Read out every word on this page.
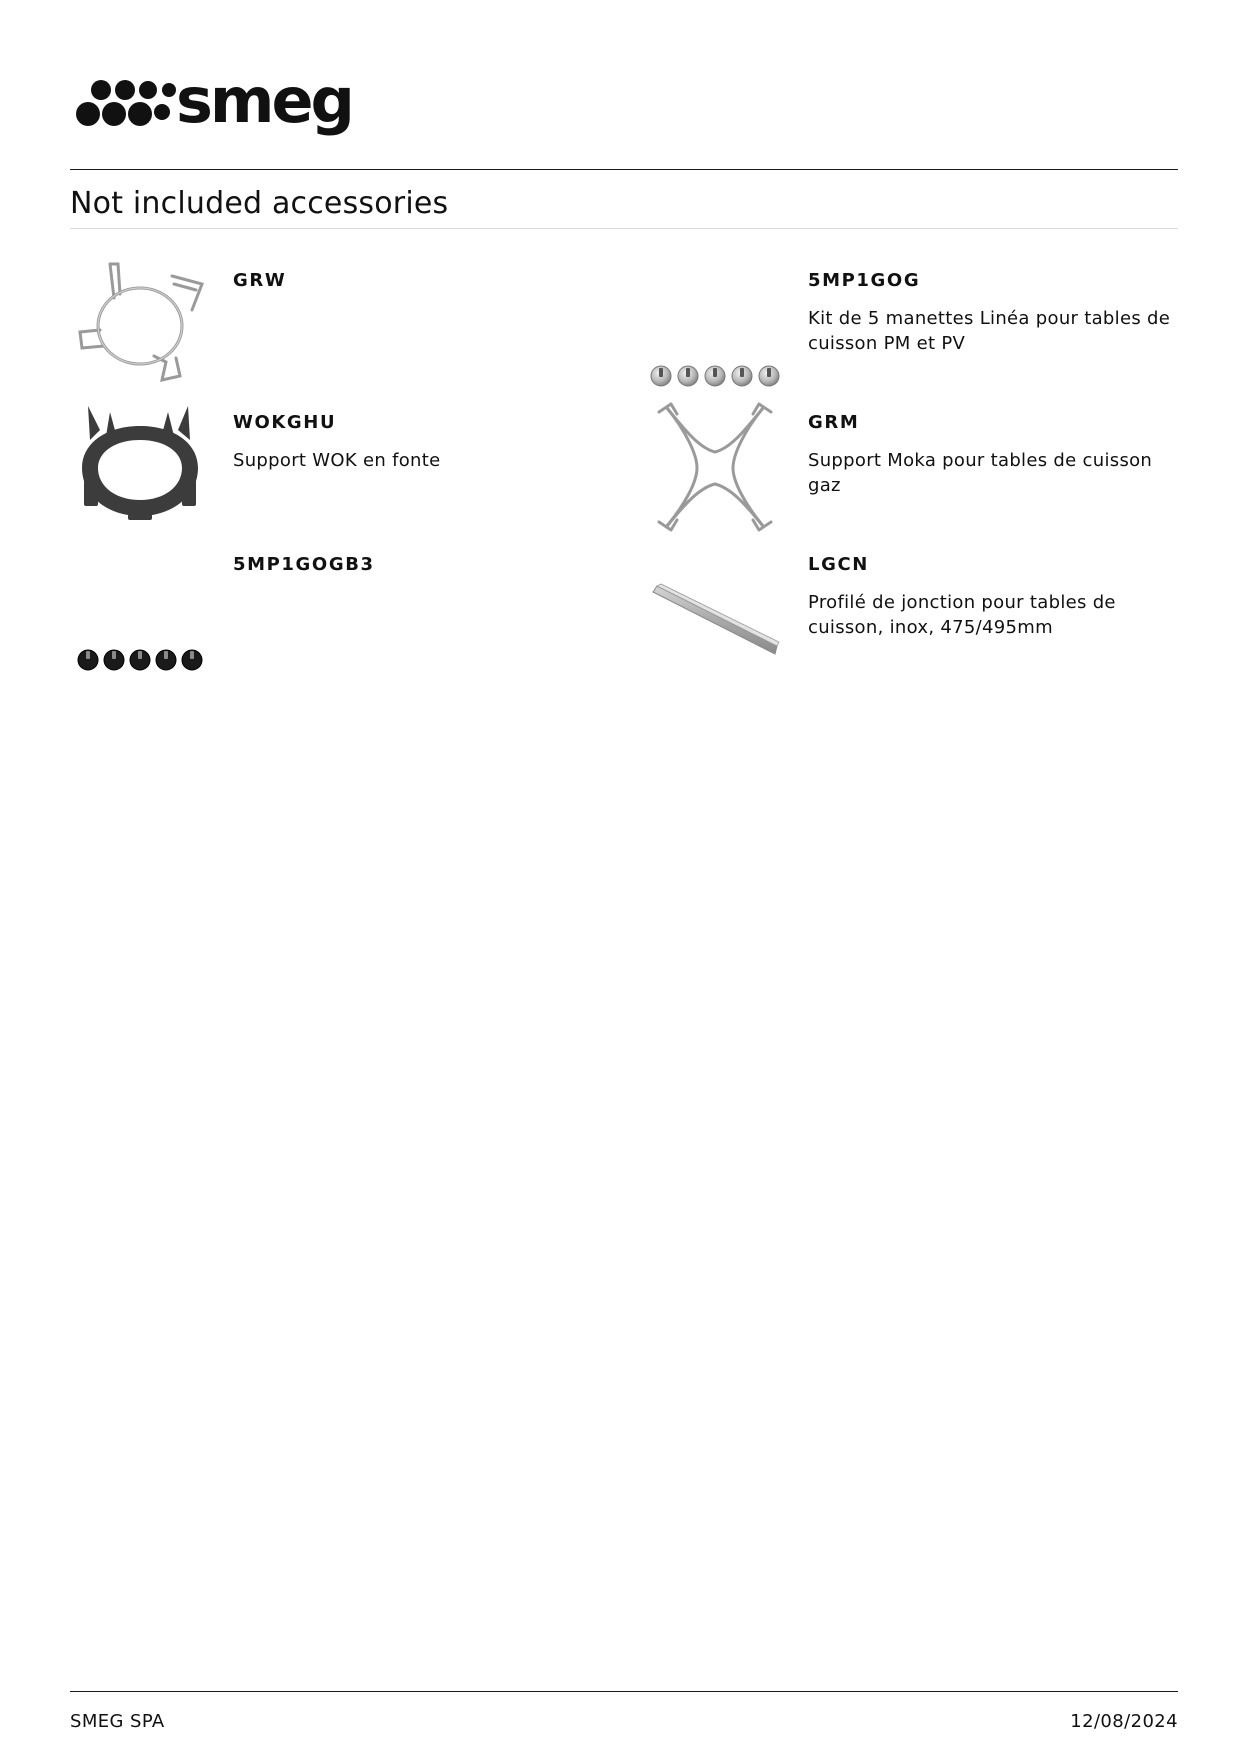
smeg
Not included accessories
GRW	5MP1GOG
Kit de 5 manettes Linéa pour tables de cuisson PM et PV
WOKGHU
Support WOK en fonte
GRM
Support Moka pour tables de cuisson gaz
5MP1GOGB3	LGCN
Profilé de jonction pour tables de cuisson, inox, 475/495mm
SMEG SPA	12/08/2024
